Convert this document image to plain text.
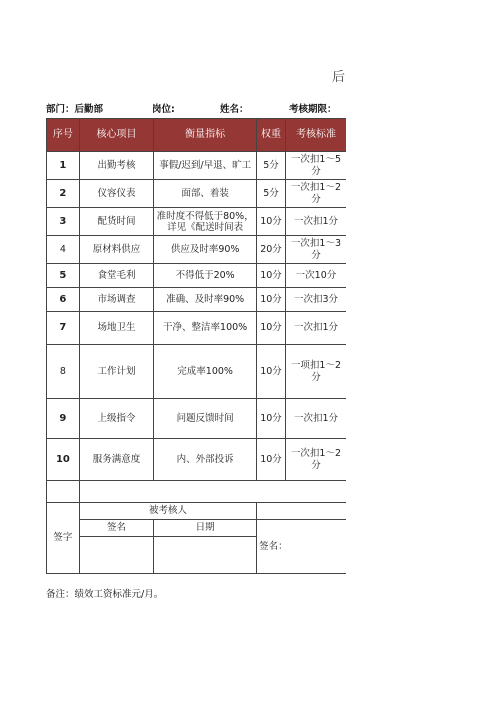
后
部门：后勤部	岗位:	姓名：	考核期限：
序号	核心项目	衡量指标	权重	考核标准
1	出勤考核	事假/迟到/早退、旷工	5分	一次扣1～5分
2	仪容仪表	面部、着装	5分	一次扣1～2分
3	配货时间	准时度不得低于80%，详见《配送时间表	10分	一次扣1分
4	原材料供应	供应及时率90%	20分	一次扣1～3分
5	食堂毛利	不得低于20%	10分	一次10分
6	市场调查	准确、及时率90%	10分	一次扣3分
7	场地卫生	干净、整洁率100%	10分	一次扣1分
8	工作计划	完成率100%	10分	一项扣1～2分
9	上级指令	问题反馈时间	10分	一次扣1分
10	服务满意度	内、外部投诉	10分	一次扣1～2分

签字	被考核人			
	签名	日期	签名：	

备注：绩效工资标准元/月。
